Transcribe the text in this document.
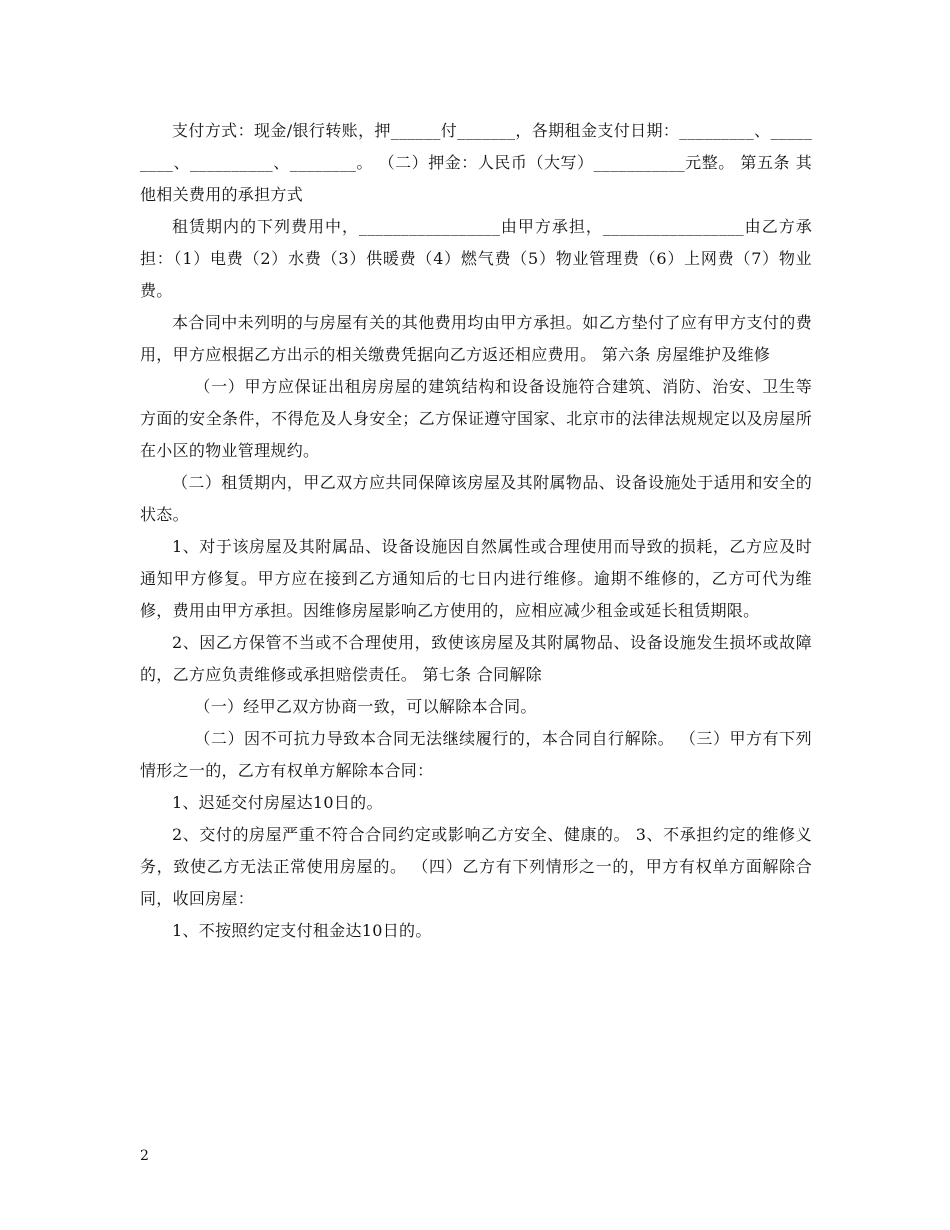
支付方式：现金/银行转账，押______付_______，各期租金支付日期：_________、_________、__________、________。 （二）押金：人民币（大写）___________元整。 第五条 其他相关费用的承担方式

租赁期内的下列费用中，_________________由甲方承担，_________________由乙方承担：（1）电费（2）水费（3）供暖费（4）燃气费（5）物业管理费（6）上网费（7）物业费。

本合同中未列明的与房屋有关的其他费用均由甲方承担。如乙方垫付了应有甲方支付的费用，甲方应根据乙方出示的相关缴费凭据向乙方返还相应费用。 第六条 房屋维护及维修

（一）甲方应保证出租房房屋的建筑结构和设备设施符合建筑、消防、治安、卫生等方面的安全条件，不得危及人身安全；乙方保证遵守国家、北京市的法律法规规定以及房屋所在小区的物业管理规约。

（二）租赁期内，甲乙双方应共同保障该房屋及其附属物品、设备设施处于适用和安全的状态。

1、对于该房屋及其附属品、设备设施因自然属性或合理使用而导致的损耗，乙方应及时通知甲方修复。甲方应在接到乙方通知后的七日内进行维修。逾期不维修的，乙方可代为维修，费用由甲方承担。因维修房屋影响乙方使用的，应相应减少租金或延长租赁期限。

2、因乙方保管不当或不合理使用，致使该房屋及其附属物品、设备设施发生损坏或故障的，乙方应负责维修或承担赔偿责任。 第七条 合同解除

（一）经甲乙双方协商一致，可以解除本合同。

（二）因不可抗力导致本合同无法继续履行的，本合同自行解除。 （三）甲方有下列情形之一的，乙方有权单方解除本合同：

1、迟延交付房屋达10日的。

2、交付的房屋严重不符合合同约定或影响乙方安全、健康的。 3、不承担约定的维修义务，致使乙方无法正常使用房屋的。 （四）乙方有下列情形之一的，甲方有权单方面解除合同，收回房屋：

1、不按照约定支付租金达10日的。

2
